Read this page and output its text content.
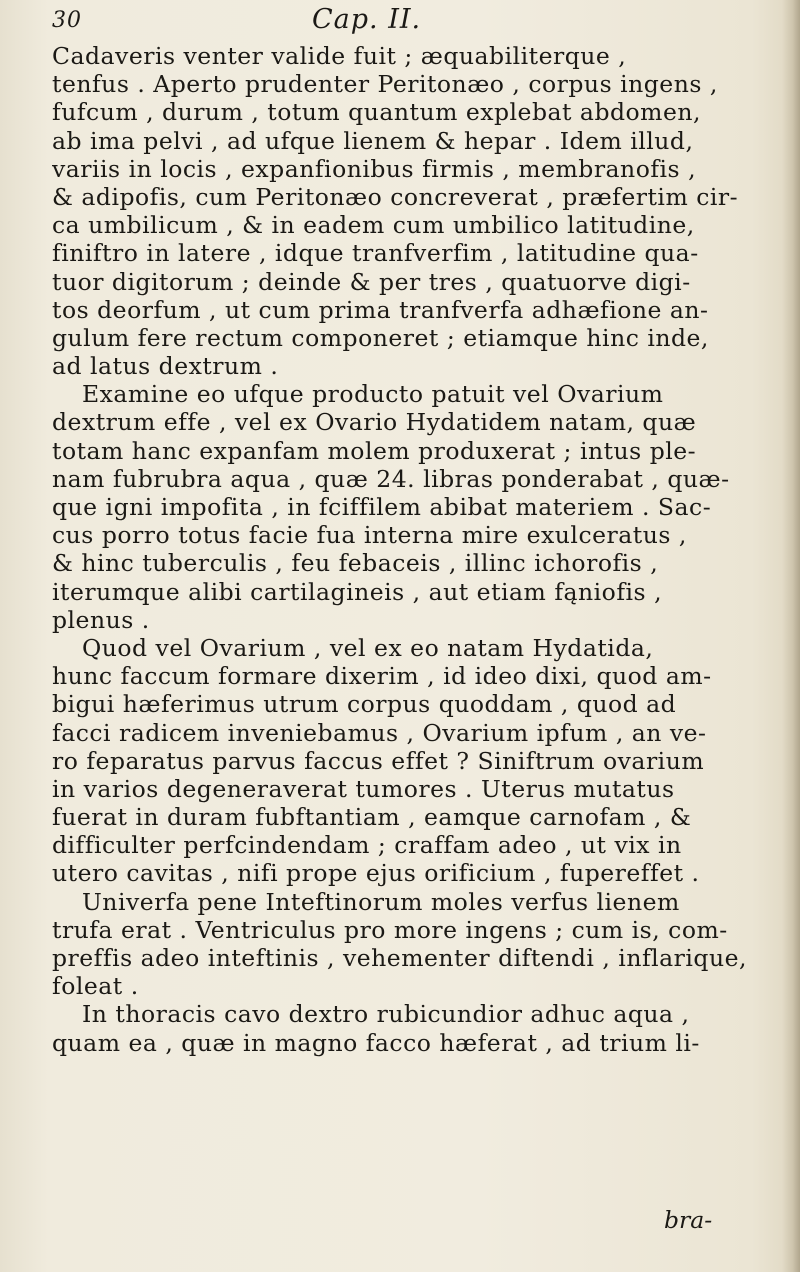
30	Cap. II.
Cadaveris venter valide fuit ; æquabiliterque ,
tenfus . Aperto prudenter Peritonæo , corpus ingens ,
fufcum , durum , totum quantum explebat abdomen,
ab ima pelvi , ad ufque lienem & hepar . Idem illud,
variis in locis , expanfionibus firmis , membranofis ,
& adipofis, cum Peritonæo concreverat , præfertim cir-
ca umbilicum , & in eadem cum umbilico latitudine,
finiftro in latere , idque tranfverfim , latitudine qua-
tuor digitorum ; deinde & per tres , quatuorve digi-
tos deorfum , ut cum prima tranfverfa adhæfione an-
gulum fere rectum componeret ; etiamque hinc inde,
ad latus dextrum .
Examine eo ufque producto patuit vel Ovarium
dextrum effe , vel ex Ovario Hydatidem natam, quæ
totam hanc expanfam molem produxerat ; intus ple-
nam fubrubra aqua , quæ 24. libras ponderabat , quæ-
que igni impofita , in fciffilem abibat materiem . Sac-
cus porro totus facie fua interna mire exulceratus ,
& hinc tuberculis , feu febaceis , illinc ichorofis ,
iterumque alibi cartilagineis , aut etiam fąniofis ,
plenus .
Quod vel Ovarium , vel ex eo natam Hydatida,
hunc faccum formare dixerim , id ideo dixi, quod am-
bigui hæferimus utrum corpus quoddam , quod ad
facci radicem inveniebamus , Ovarium ipfum , an ve-
ro feparatus parvus faccus effet ? Siniftrum ovarium
in varios degeneraverat tumores . Uterus mutatus
fuerat in duram fubftantiam , eamque carnofam , &
difficulter perfcindendam ; craffam adeo , ut vix in
utero cavitas , nifi prope ejus orificium , fupereffet .
Univerfa pene Inteftinorum moles verfus lienem
trufa erat . Ventriculus pro more ingens ; cum is, com-
preffis adeo inteftinis , vehementer diftendi , inflarique,
foleat .
In thoracis cavo dextro rubicundior adhuc aqua ,
quam ea , quæ in magno facco hæferat , ad trium li-
bra-
